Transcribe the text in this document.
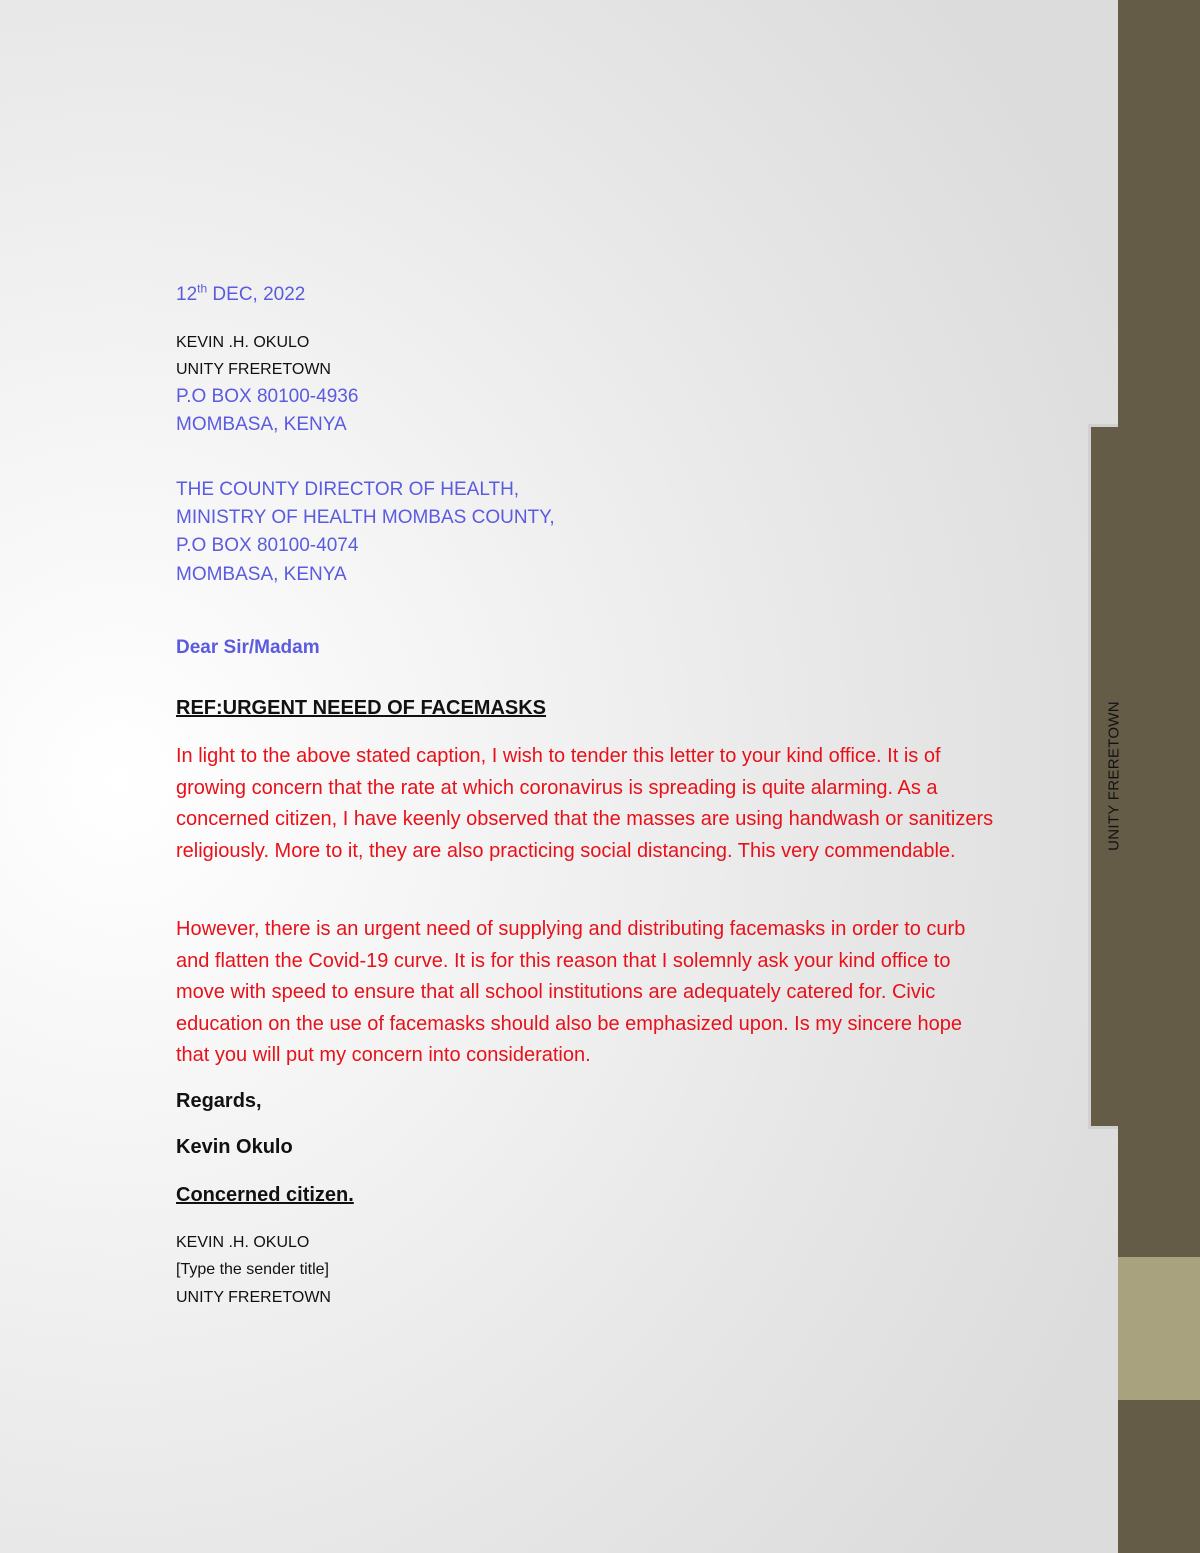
UNITY FRERETOWN
12th DEC, 2022
KEVIN .H. OKULO
UNITY FRERETOWN
P.O BOX 80100-4936
MOMBASA, KENYA
THE COUNTY DIRECTOR OF HEALTH,
MINISTRY OF HEALTH MOMBAS COUNTY,
P.O BOX 80100-4074
MOMBASA, KENYA
Dear Sir/Madam
REF:URGENT NEEED OF FACEMASKS
In light to the above stated caption, I wish to tender this letter to your kind office. It is of growing concern that the rate at which coronavirus is spreading is quite alarming. As a concerned citizen, I have keenly observed that the masses are using handwash or sanitizers religiously. More to it, they are also practicing social distancing. This very commendable.
However, there is an urgent need of supplying and distributing facemasks in order to curb and flatten the Covid-19 curve. It is for this reason that I solemnly ask your kind office to move with speed to ensure that all school institutions are adequately catered for. Civic education on the use of facemasks should also be emphasized upon. Is my sincere hope that you will put my concern into consideration.
Regards,
Kevin Okulo
Concerned citizen.
KEVIN .H. OKULO
[Type the sender title]
UNITY FRERETOWN
